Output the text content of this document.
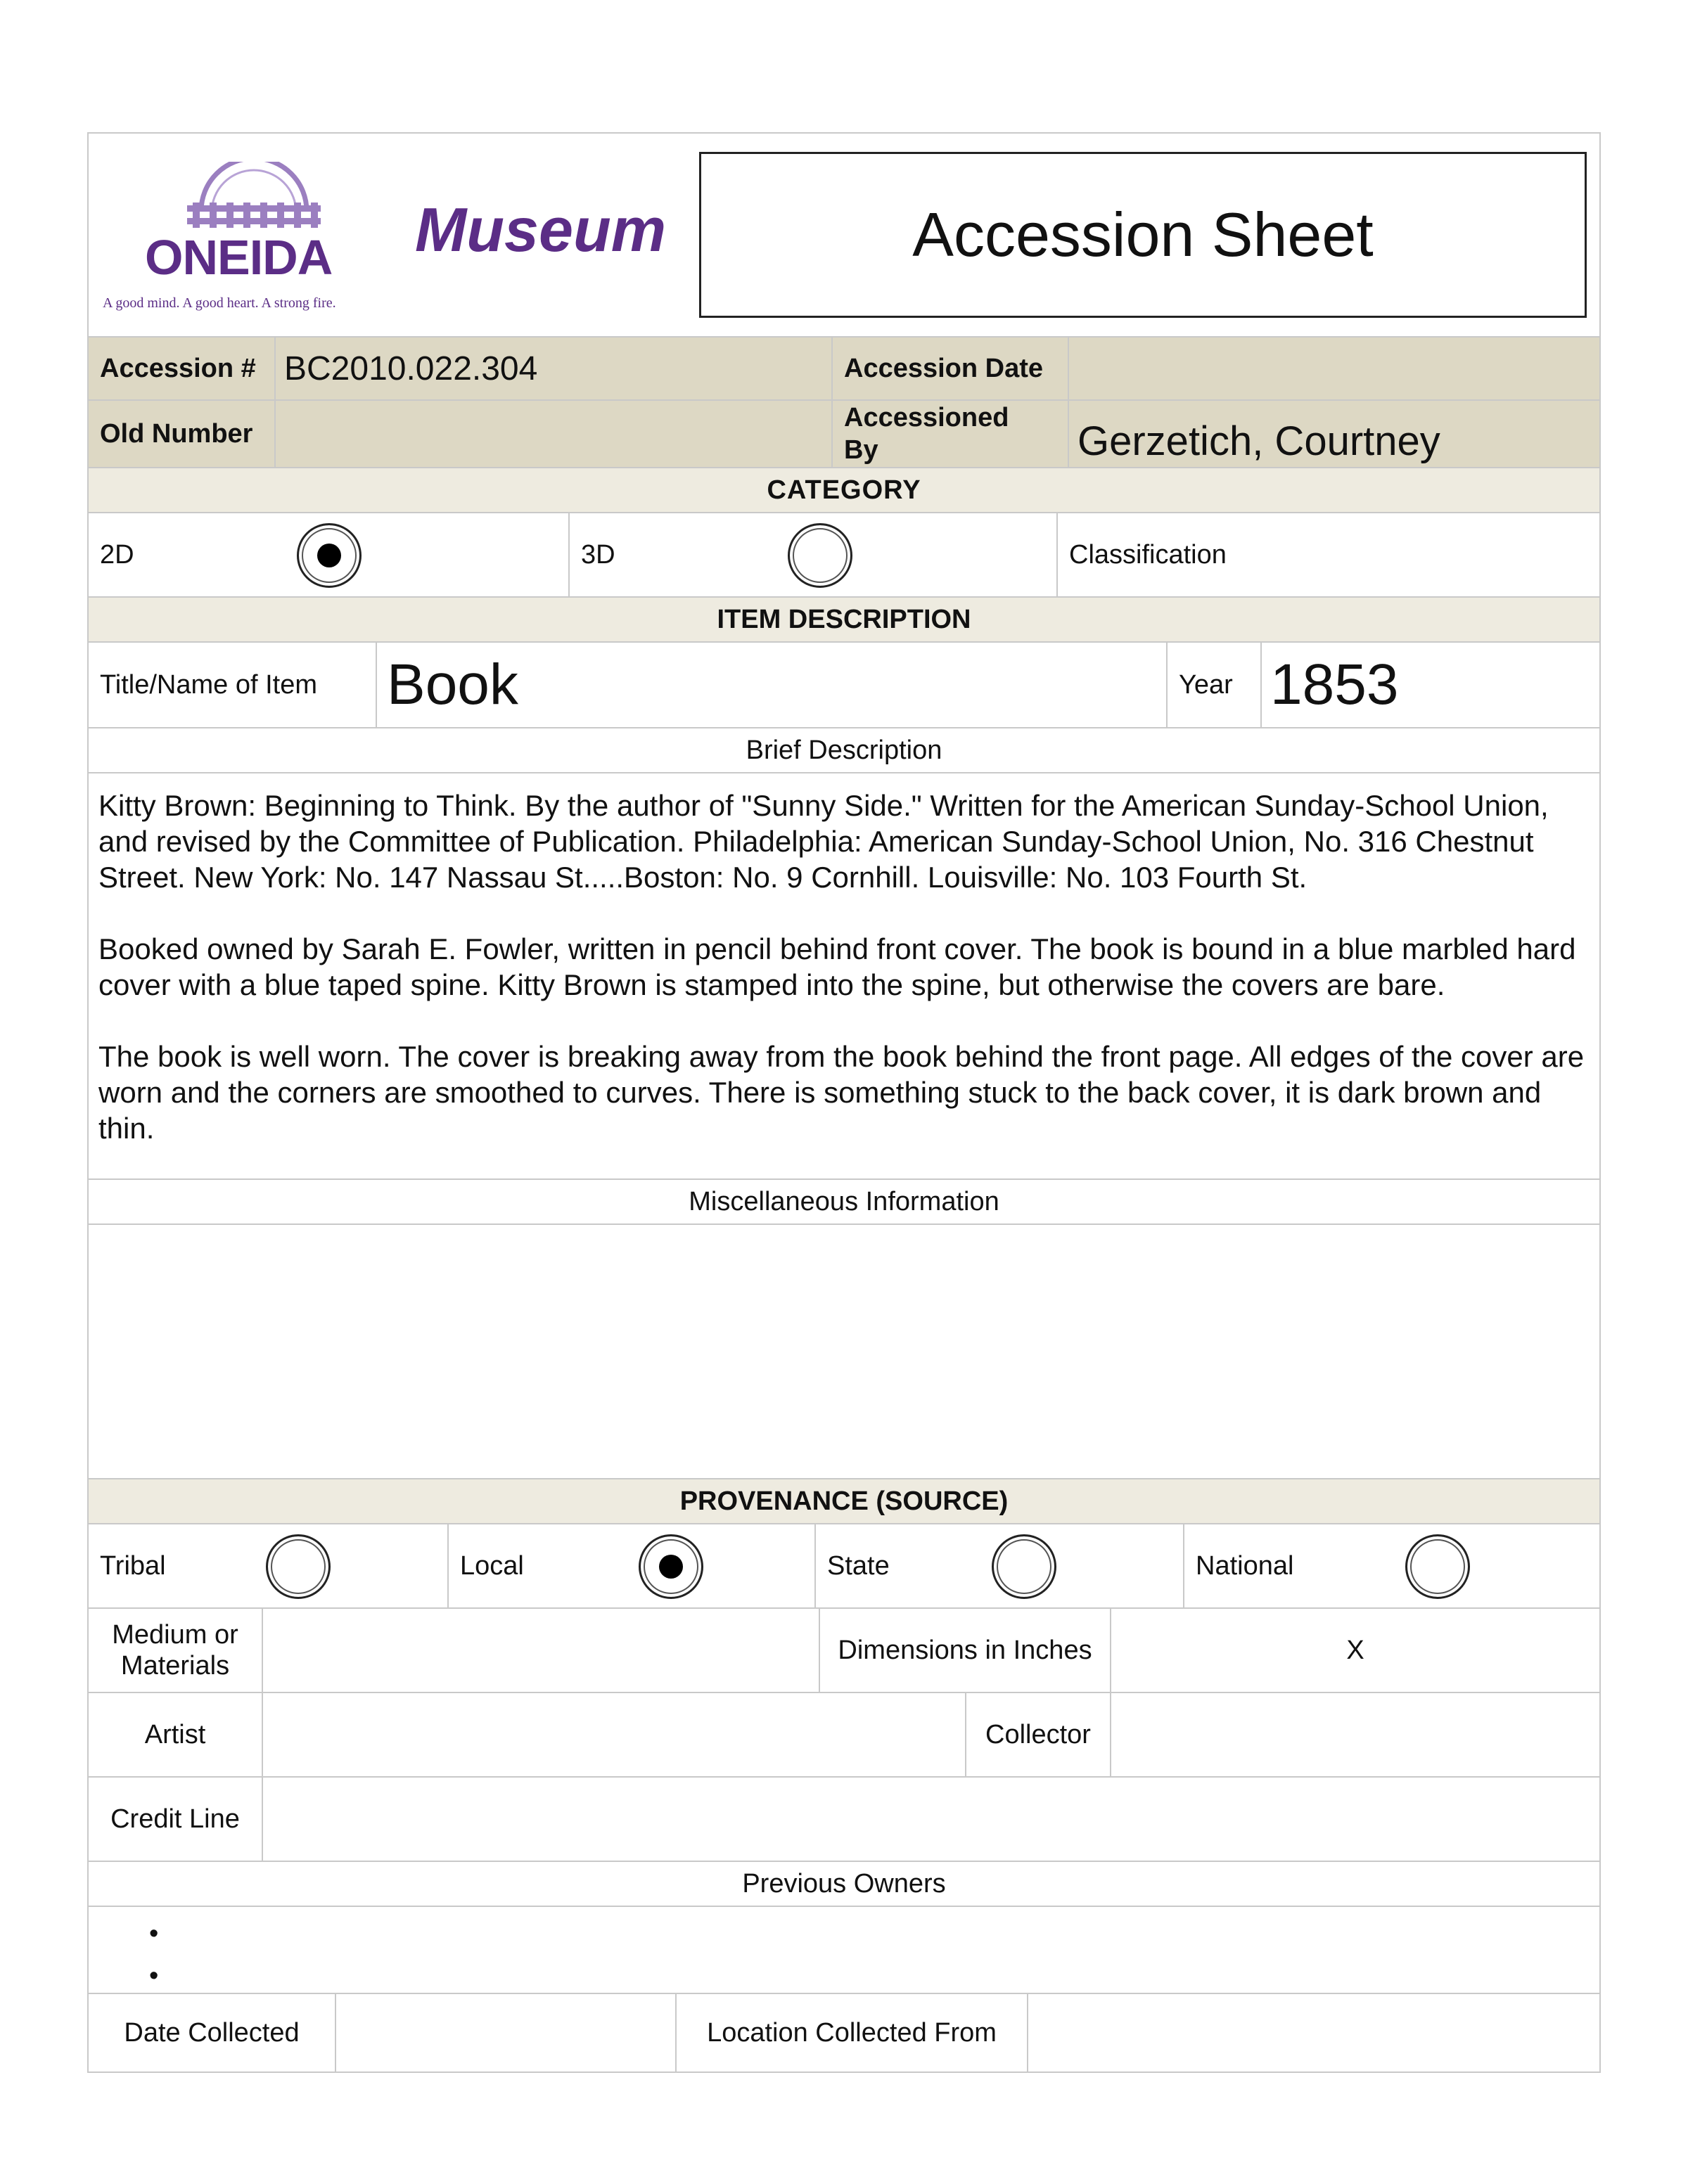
ONEIDA
A good mind. A good heart. A strong fire.
Museum	Accession Sheet
Accession # BC2010.022.304	Accession Date
Old Number
Accessioned By	Gerzetich, Courtney
CATEGORY
2D	3D	Classification
ITEM DESCRIPTION
Title/Name of Item	Book	Year 1853
Brief Description

Kitty Brown: Beginning to Think. By the author of "Sunny Side." Written for the American Sunday-School Union, and revised by the Committee of Publication. Philadelphia: American Sunday-School Union, No. 316 Chestnut Street. New York: No. 147 Nassau St.....Boston: No. 9 Cornhill. Louisville: No. 103 Fourth St.

Booked owned by Sarah E. Fowler, written in pencil behind front cover. The book is bound in a blue marbled hard cover with a blue taped spine. Kitty Brown is stamped into the spine, but otherwise the covers are bare.

The book is well worn. The cover is breaking away from the book behind the front page. All edges of the cover are worn and the corners are smoothed to curves. There is something stuck to the back cover, it is dark brown and thin.

Miscellaneous Information
PROVENANCE (SOURCE)
Tribal	Local	State	National
Medium or Materials
Dimensions in Inches	X
Artist	Collector
Credit Line
Previous Owners
•
•
Date Collected	Location Collected From
